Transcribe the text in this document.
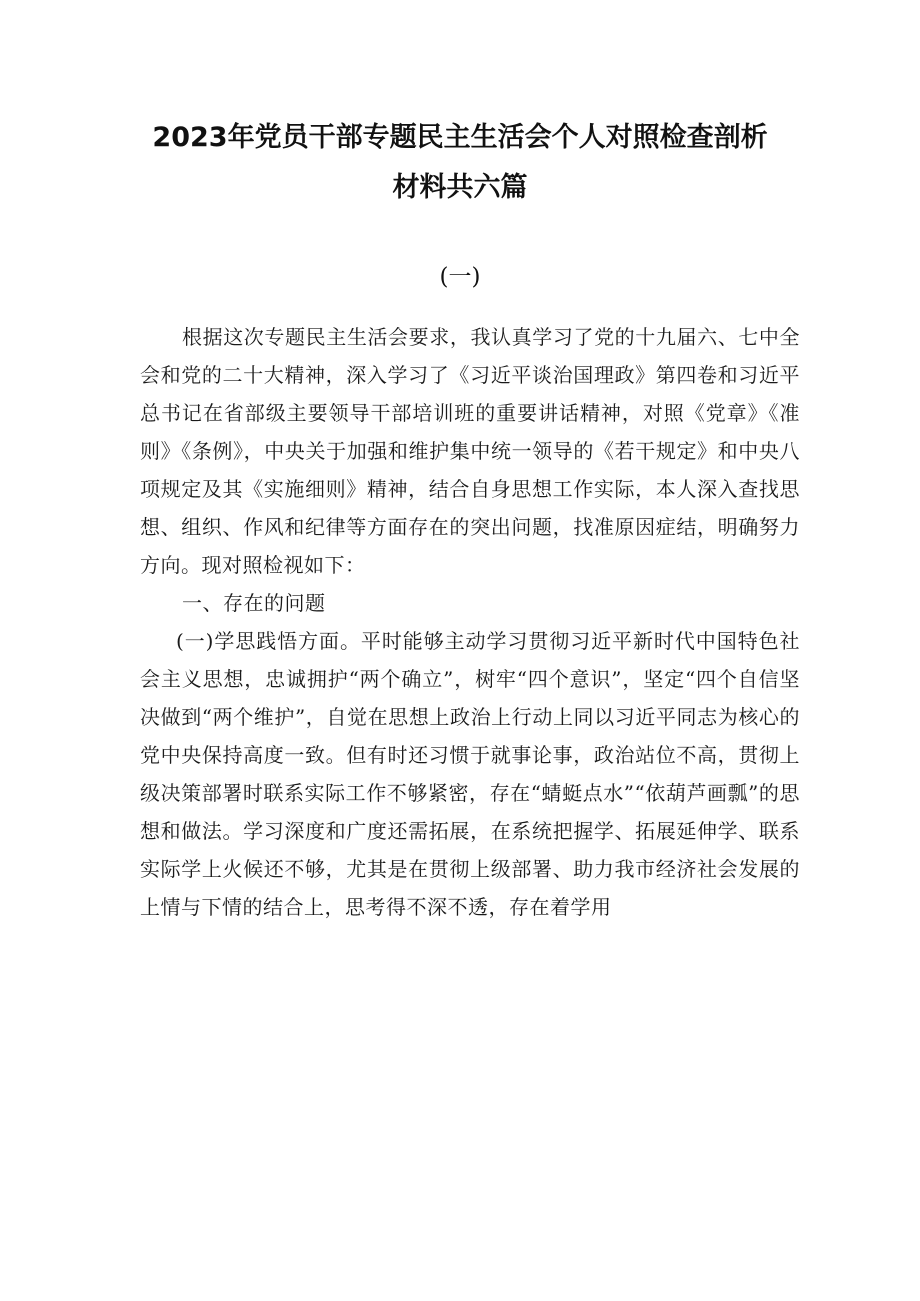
2023年党员干部专题民主生活会个人对照检查剖析
材料共六篇
(一)

根据这次专题民主生活会要求，我认真学习了党的十九届六、七中全会和党的二十大精神，深入学习了《习近平谈治国理政》第四卷和习近平总书记在省部级主要领导干部培训班的重要讲话精神，对照《党章》《准则》《条例》，中央关于加强和维护集中统一领导的《若干规定》和中央八项规定及其《实施细则》精神，结合自身思想工作实际，本人深入查找思想、组织、作风和纪律等方面存在的突出问题，找准原因症结，明确努力方向。现对照检视如下：

一、存在的问题

(一)学思践悟方面。平时能够主动学习贯彻习近平新时代中国特色社会主义思想，忠诚拥护“两个确立”，树牢“四个意识”，坚定“四个自信坚决做到“两个维护”，自觉在思想上政治上行动上同以习近平同志为核心的党中央保持高度一致。但有时还习惯于就事论事，政治站位不高，贯彻上级决策部署时联系实际工作不够紧密，存在“蜻蜓点水”“依葫芦画瓢”的思想和做法。学习深度和广度还需拓展，在系统把握学、拓展延伸学、联系实际学上火候还不够，尤其是在贯彻上级部署、助力我市经济社会发展的上情与下情的结合上，思考得不深不透，存在着学用
